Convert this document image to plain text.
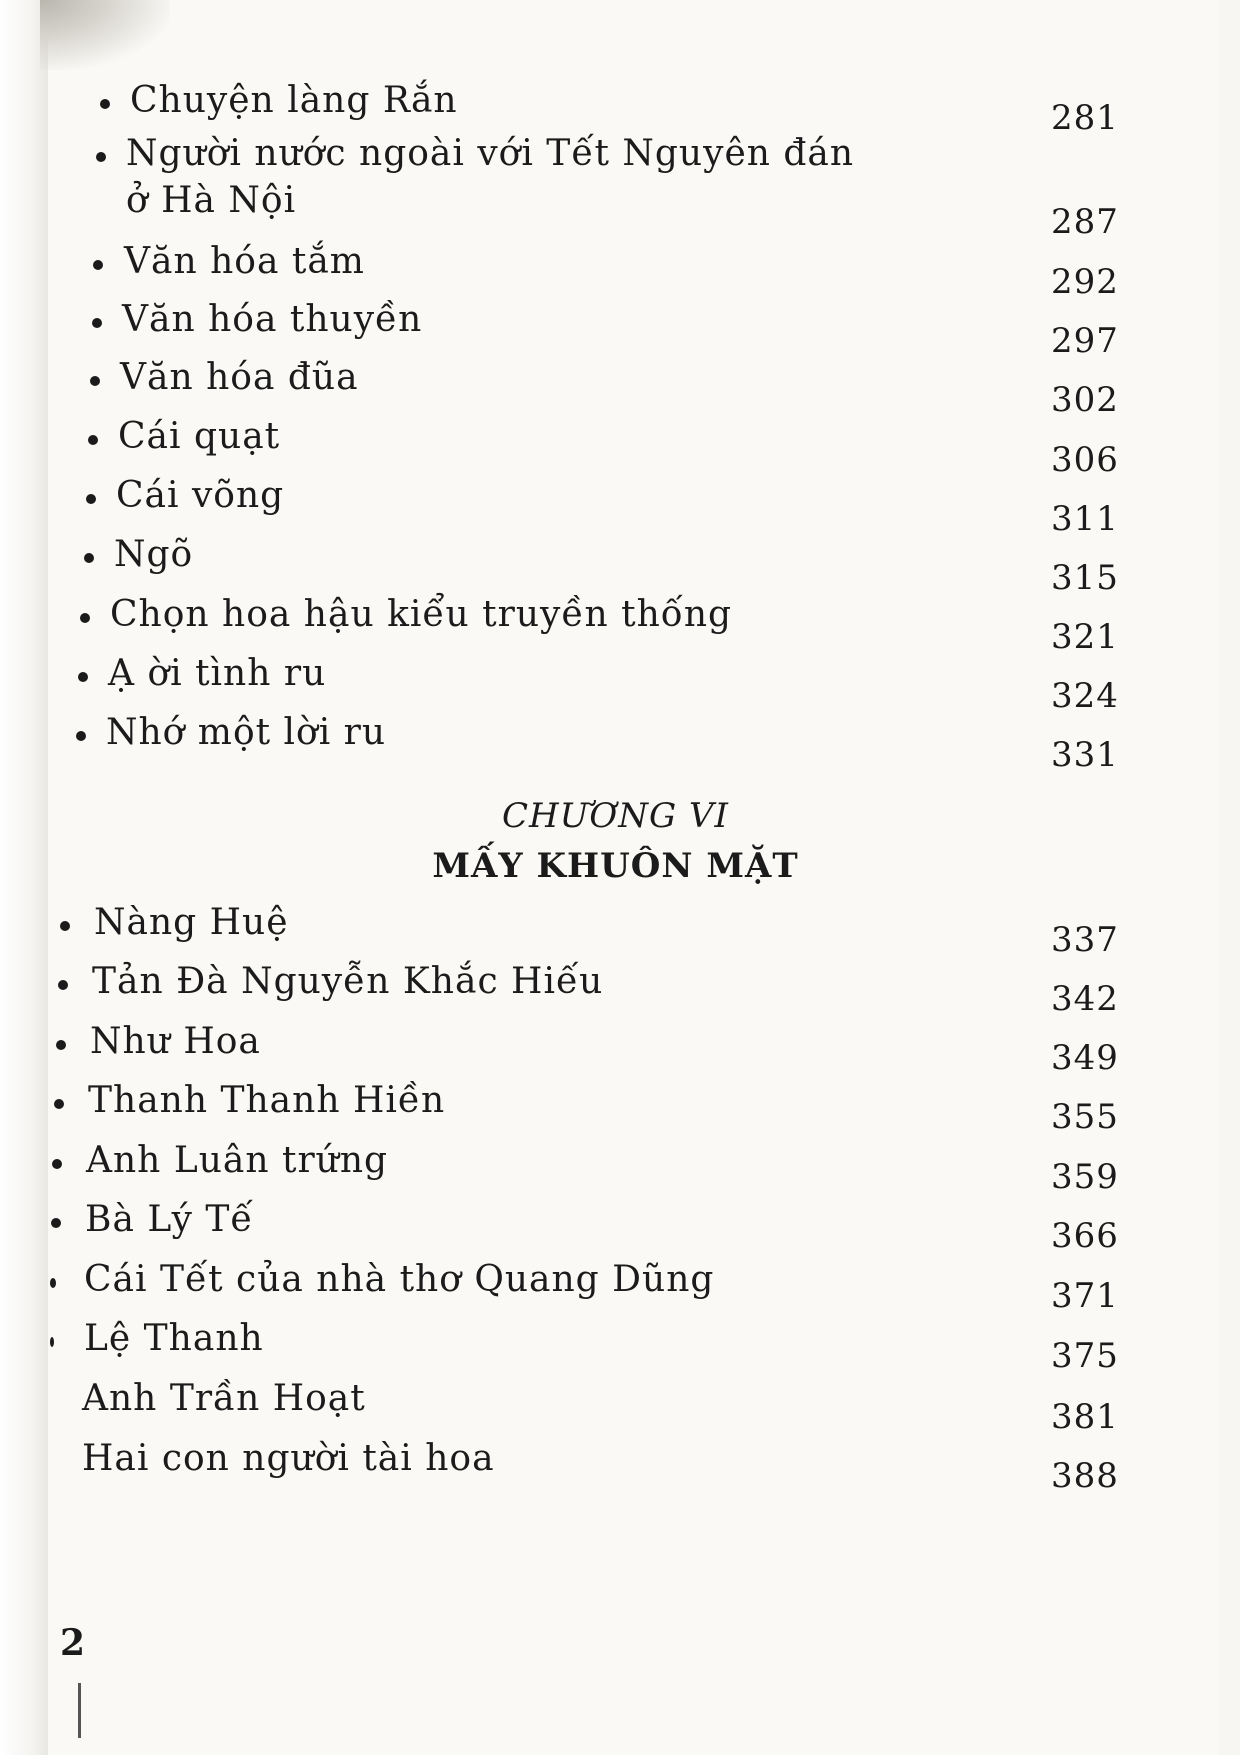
Chuyện làng Rắn	281
Người nước ngoài với Tết Nguyên đán
ở Hà Nội
287
Văn hóa tắm	292
Văn hóa thuyền
297
Văn hóa đũa
302
Cái quạt
306
Cái võng
311
Ngõ
315
Chọn hoa hậu kiểu truyền thống
321
Ạ ời tình ru
324
Nhớ một lời ru
331
CHƯƠNG VI
MẤY KHUÔN MẶT
Nàng Huệ	337
Tản Đà Nguyễn Khắc Hiếu	342
Như Hoa	349
Thanh Thanh Hiền	355
Anh Luân trứng	359
Bà Lý Tế	366
Cái Tết của nhà thơ Quang Dũng	371
Lệ Thanh	375
Anh Trần Hoạt	381
Hai con người tài hoa	388
2
